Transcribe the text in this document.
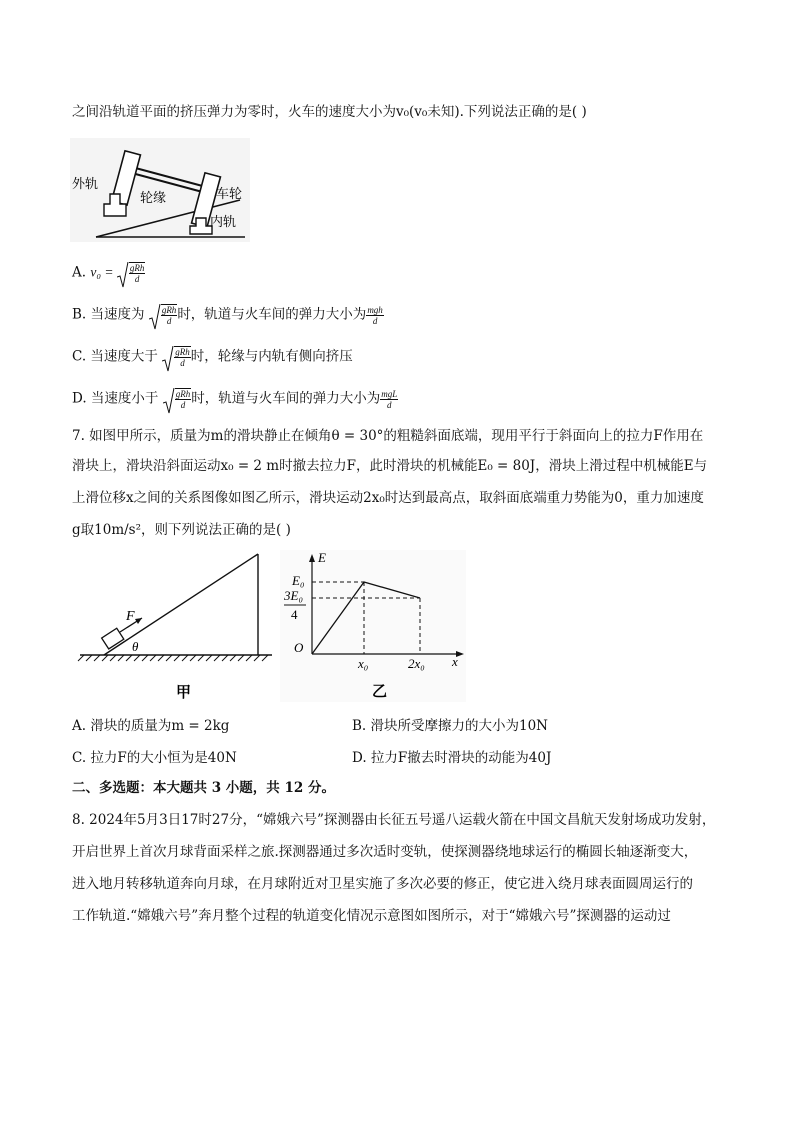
之间沿轨道平面的挤压弹力为零时，火车的速度大小为v₀(v₀未知).下列说法正确的是( )
外轨
轮缘	车轮
内轨
A. $v_0 = \frac{\text{gRh}}{d}$
B. 当速度为 $\frac{\text{gRh}}{d}$ 时，轨道与火车间的弹力大小为 $\frac{\text{mgh}}{d}$
C. 当速度大于 $\frac{\text{gRh}}{d}$ 时，轮缘与内轨有侧向挤压
D. 当速度小于 $\frac{\text{gRh}}{d}$ 时，轨道与火车间的弹力大小为 $\frac{\text{mgL}}{d}$
7. 如图甲所示，质量为m的滑块静止在倾角θ = 30°的粗糙斜面底端，现用平行于斜面向上的拉力F作用在
滑块上，滑块沿斜面运动x₀ = 2 m时撤去拉力F，此时滑块的机械能E₀ = 80J，滑块上滑过程中机械能E与
上滑位移x之间的关系图像如图乙所示，滑块运动2x₀时达到最高点，取斜面底端重力势能为0，重力加速度
g取10m/s²，则下列说法正确的是( )
F
θ
甲
E
E₀
3E₀
4
O
x₀	2x₀ x
乙
A. 滑块的质量为m = 2kg	B. 滑块所受摩擦力的大小为10N
C. 拉力F的大小恒为是40N	D. 拉力F撤去时滑块的动能为40J
二、多选题：本大题共 3 小题，共 12 分。
8. 2024年5月3日17时27分，“嫦娥六号”探测器由长征五号遥八运载火箭在中国文昌航天发射场成功发射，
开启世界上首次月球背面采样之旅.探测器通过多次适时变轨，使探测器绕地球运行的椭圆长轴逐渐变大，
进入地月转移轨道奔向月球，在月球附近对卫星实施了多次必要的修正，使它进入绕月球表面圆周运行的
工作轨道.“嫦娥六号”奔月整个过程的轨道变化情况示意图如图所示，对于“嫦娥六号”探测器的运动过
